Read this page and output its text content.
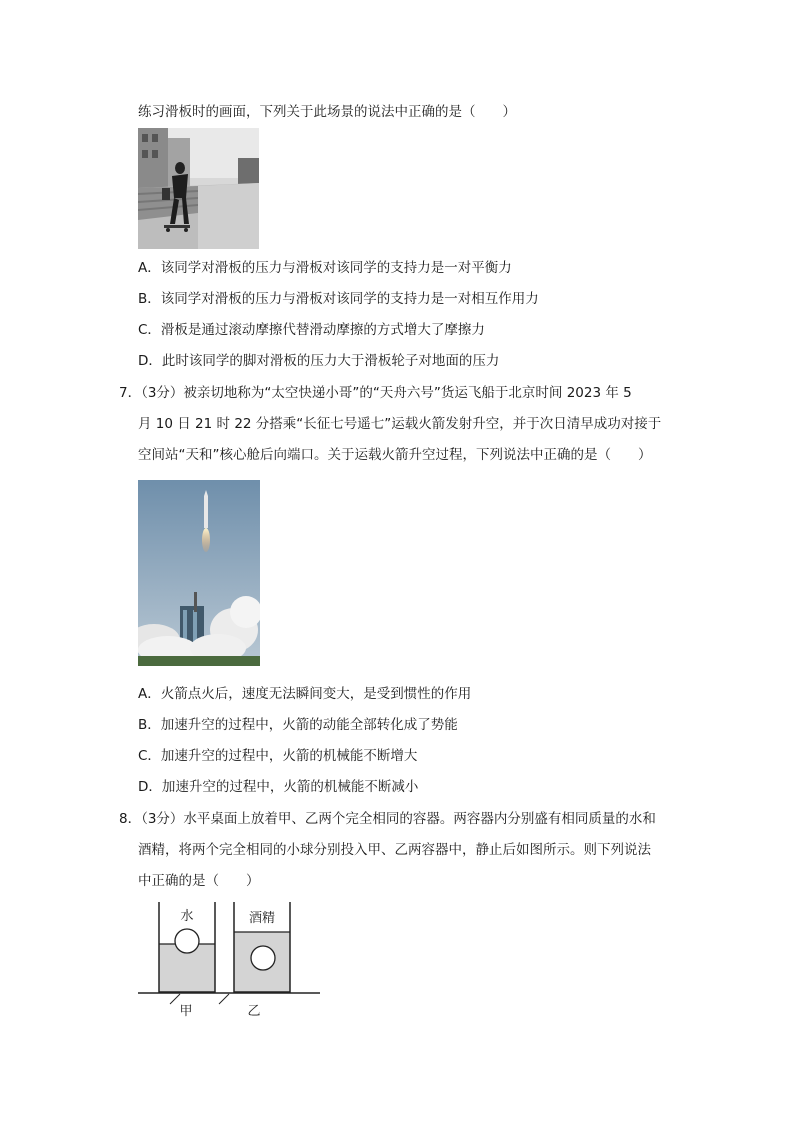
练习滑板时的画面，下列关于此场景的说法中正确的是（　　）
A．该同学对滑板的压力与滑板对该同学的支持力是一对平衡力
B．该同学对滑板的压力与滑板对该同学的支持力是一对相互作用力
C．滑板是通过滚动摩擦代替滑动摩擦的方式增大了摩擦力
D．此时该同学的脚对滑板的压力大于滑板轮子对地面的压力
7．（3分）被亲切地称为“太空快递小哥”的“天舟六号”货运飞船于北京时间 2023 年 5
月 10 日 21 时 22 分搭乘“长征七号遥七”运载火箭发射升空，并于次日清早成功对接于
空间站“天和”核心舱后向端口。关于运载火箭升空过程，下列说法中正确的是（　　）
A．火箭点火后，速度无法瞬间变大，是受到惯性的作用
B．加速升空的过程中，火箭的动能全部转化成了势能
C．加速升空的过程中，火箭的机械能不断增大
D．加速升空的过程中，火箭的机械能不断减小
8．（3分）水平桌面上放着甲、乙两个完全相同的容器。两容器内分别盛有相同质量的水和
酒精，将两个完全相同的小球分别投入甲、乙两容器中，静止后如图所示。则下列说法
中正确的是（　　）
水	酒精
甲	乙
